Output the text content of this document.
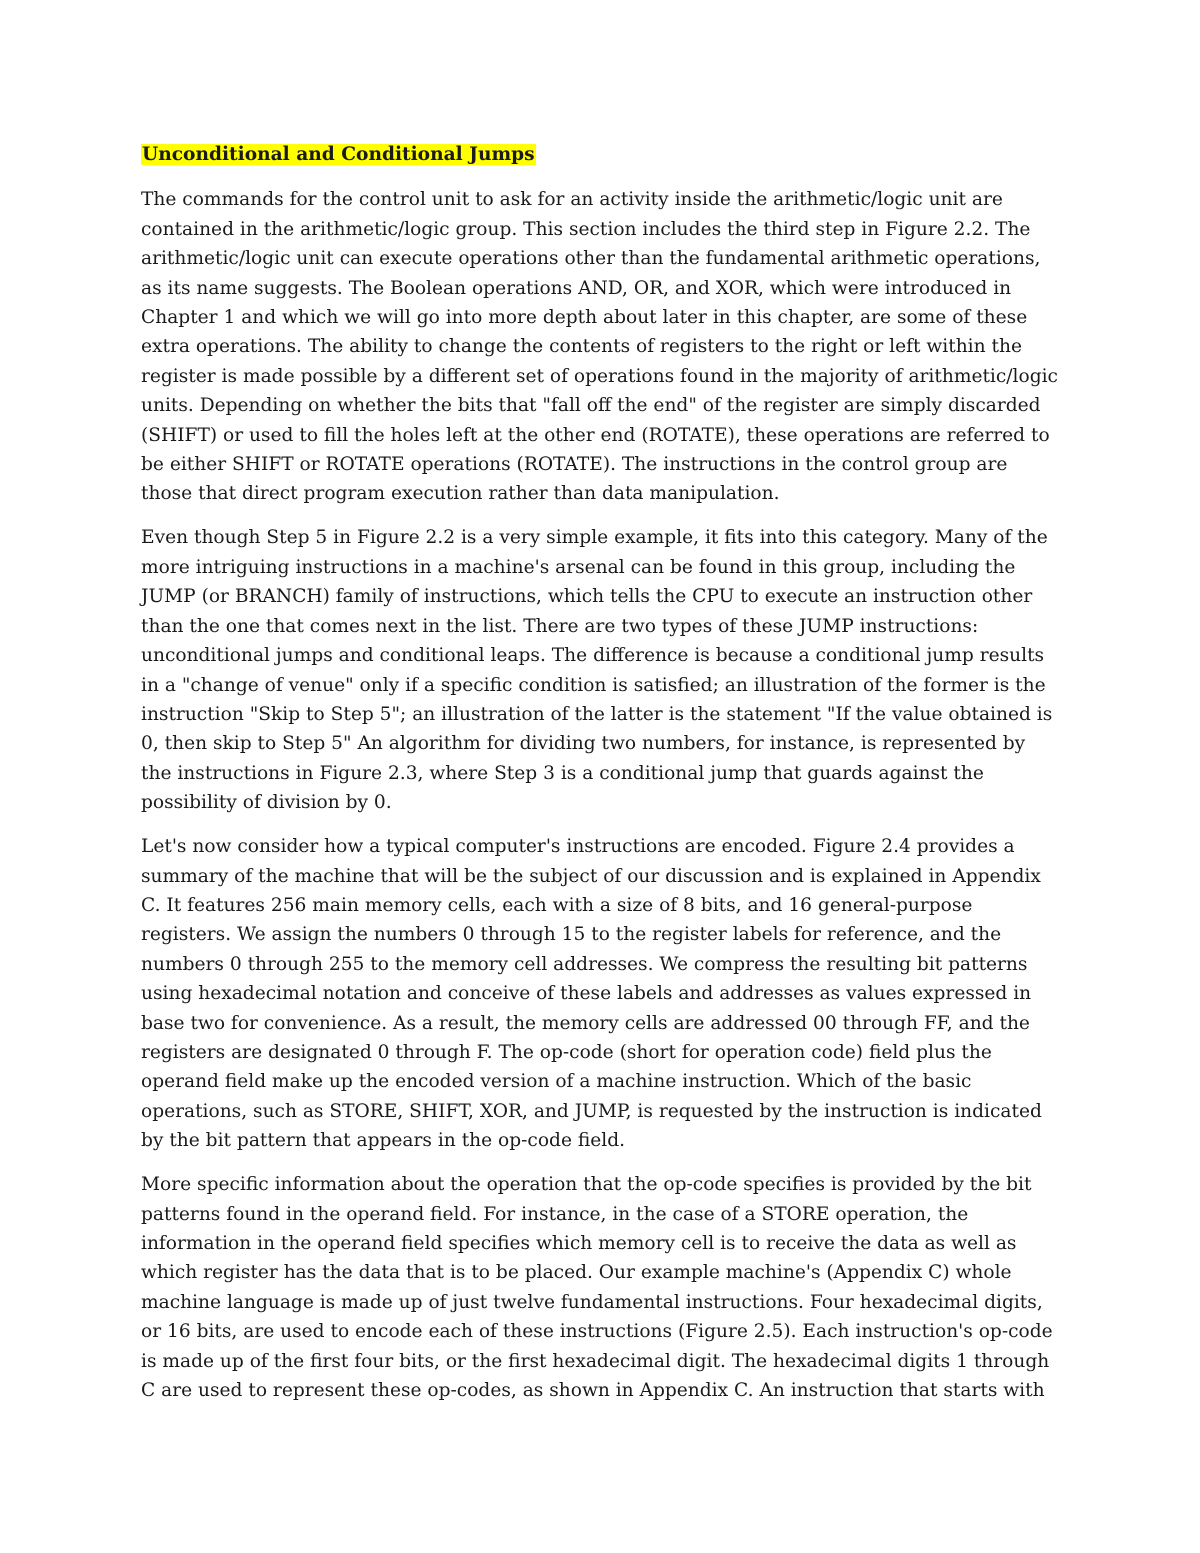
Unconditional and Conditional Jumps

The commands for the control unit to ask for an activity inside the arithmetic/logic unit are contained in the arithmetic/logic group. This section includes the third step in Figure 2.2. The arithmetic/logic unit can execute operations other than the fundamental arithmetic operations, as its name suggests. The Boolean operations AND, OR, and XOR, which were introduced in Chapter 1 and which we will go into more depth about later in this chapter, are some of these extra operations. The ability to change the contents of registers to the right or left within the register is made possible by a different set of operations found in the majority of arithmetic/logic units. Depending on whether the bits that "fall off the end" of the register are simply discarded (SHIFT) or used to fill the holes left at the other end (ROTATE), these operations are referred to be either SHIFT or ROTATE operations (ROTATE). The instructions in the control group are those that direct program execution rather than data manipulation.

Even though Step 5 in Figure 2.2 is a very simple example, it fits into this category. Many of the more intriguing instructions in a machine's arsenal can be found in this group, including the JUMP (or BRANCH) family of instructions, which tells the CPU to execute an instruction other than the one that comes next in the list. There are two types of these JUMP instructions: unconditional jumps and conditional leaps. The difference is because a conditional jump results in a "change of venue" only if a specific condition is satisfied; an illustration of the former is the instruction "Skip to Step 5"; an illustration of the latter is the statement "If the value obtained is 0, then skip to Step 5" An algorithm for dividing two numbers, for instance, is represented by the instructions in Figure 2.3, where Step 3 is a conditional jump that guards against the possibility of division by 0.

Let's now consider how a typical computer's instructions are encoded. Figure 2.4 provides a summary of the machine that will be the subject of our discussion and is explained in Appendix C. It features 256 main memory cells, each with a size of 8 bits, and 16 general-purpose registers. We assign the numbers 0 through 15 to the register labels for reference, and the numbers 0 through 255 to the memory cell addresses. We compress the resulting bit patterns using hexadecimal notation and conceive of these labels and addresses as values expressed in base two for convenience. As a result, the memory cells are addressed 00 through FF, and the registers are designated 0 through F. The op-code (short for operation code) field plus the operand field make up the encoded version of a machine instruction. Which of the basic operations, such as STORE, SHIFT, XOR, and JUMP, is requested by the instruction is indicated by the bit pattern that appears in the op-code field.

More specific information about the operation that the op-code specifies is provided by the bit patterns found in the operand field. For instance, in the case of a STORE operation, the information in the operand field specifies which memory cell is to receive the data as well as which register has the data that is to be placed. Our example machine's (Appendix C) whole machine language is made up of just twelve fundamental instructions. Four hexadecimal digits, or 16 bits, are used to encode each of these instructions (Figure 2.5). Each instruction's op-code is made up of the first four bits, or the first hexadecimal digit. The hexadecimal digits 1 through C are used to represent these op-codes, as shown in Appendix C. An instruction that starts with
